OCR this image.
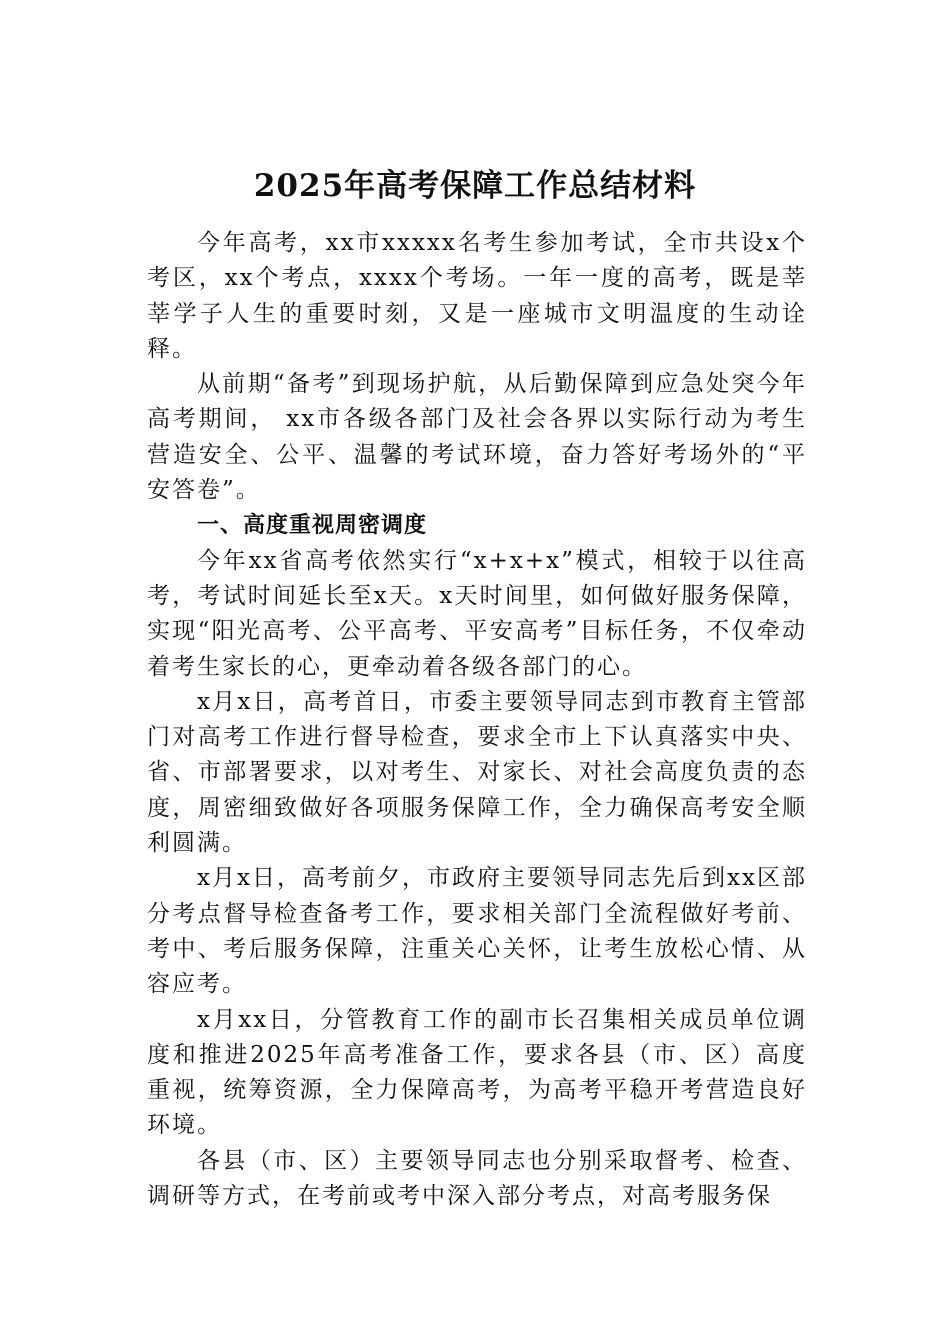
2025年高考保障工作总结材料

今年高考，xx市xxxxx名考生参加考试，全市共设x个考区，xx个考点，xxxx个考场。一年一度的高考，既是莘莘学子人生的重要时刻，又是一座城市文明温度的生动诠释。

从前期“备考”到现场护航，从后勤保障到应急处突今年高考期间， xx市各级各部门及社会各界以实际行动为考生营造安全、公平、温馨的考试环境，奋力答好考场外的“平安答卷”。

一、高度重视周密调度

今年xx省高考依然实行“x+x+x”模式，相较于以往高考，考试时间延长至x天。x天时间里，如何做好服务保障，实现“阳光高考、公平高考、平安高考”目标任务，不仅牵动着考生家长的心，更牵动着各级各部门的心。

x月x日，高考首日，市委主要领导同志到市教育主管部门对高考工作进行督导检查，要求全市上下认真落实中央、省、市部署要求，以对考生、对家长、对社会高度负责的态度，周密细致做好各项服务保障工作，全力确保高考安全顺利圆满。

x月x日，高考前夕，市政府主要领导同志先后到xx区部分考点督导检查备考工作，要求相关部门全流程做好考前、考中、考后服务保障，注重关心关怀，让考生放松心情、从容应考。

x月xx日，分管教育工作的副市长召集相关成员单位调度和推进2025年高考准备工作，要求各县（市、区）高度重视，统筹资源，全力保障高考，为高考平稳开考营造良好环境。

各县（市、区）主要领导同志也分别采取督考、检查、调研等方式，在考前或考中深入部分考点，对高考服务保
